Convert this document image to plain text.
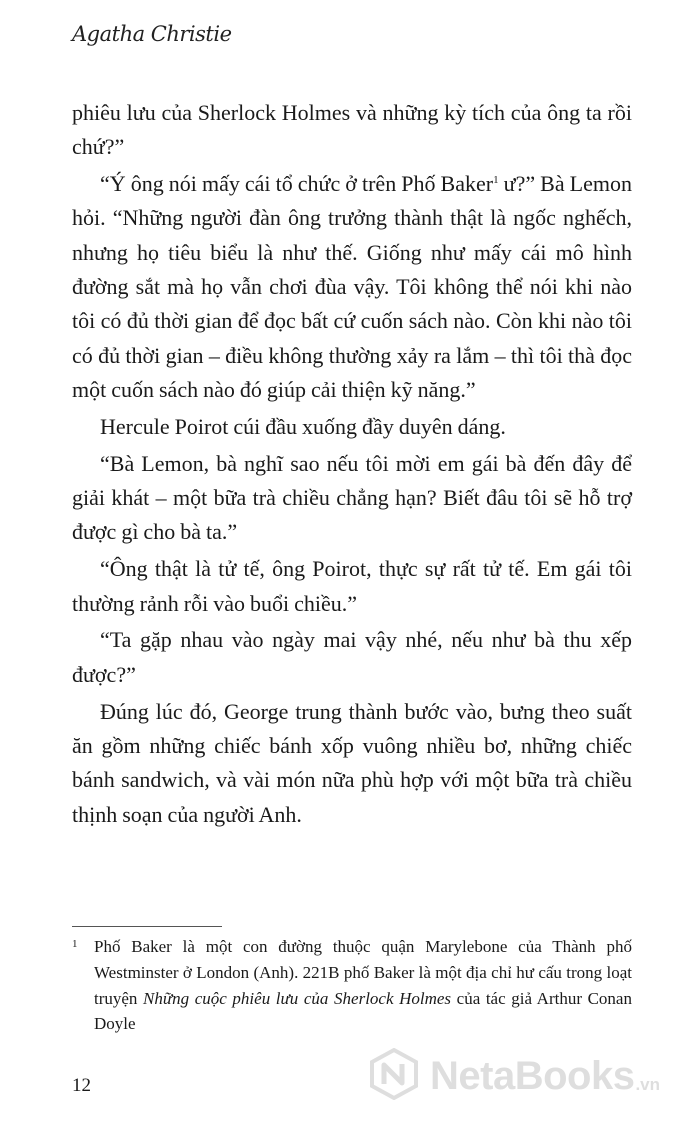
Agatha Christie

phiêu lưu của Sherlock Holmes và những kỳ tích của ông ta rồi chứ?”

“Ý ông nói mấy cái tổ chức ở trên Phố Baker$^1$ ư?” Bà Lemon hỏi. “Những người đàn ông trưởng thành thật là ngốc nghếch, nhưng họ tiêu biểu là như thế. Giống như mấy cái mô hình đường sắt mà họ vẫn chơi đùa vậy. Tôi không thể nói khi nào tôi có đủ thời gian để đọc bất cứ cuốn sách nào. Còn khi nào tôi có đủ thời gian – điều không thường xảy ra lắm – thì tôi thà đọc một cuốn sách nào đó giúp cải thiện kỹ năng.”

Hercule Poirot cúi đầu xuống đầy duyên dáng.

“Bà Lemon, bà nghĩ sao nếu tôi mời em gái bà đến đây để giải khát – một bữa trà chiều chẳng hạn? Biết đâu tôi sẽ hỗ trợ được gì cho bà ta.”

“Ông thật là tử tế, ông Poirot, thực sự rất tử tế. Em gái tôi thường rảnh rỗi vào buổi chiều.”

“Ta gặp nhau vào ngày mai vậy nhé, nếu như bà thu xếp được?”

Đúng lúc đó, George trung thành bước vào, bưng theo suất ăn gồm những chiếc bánh xốp vuông nhiều bơ, những chiếc bánh sandwich, và vài món nữa phù hợp với một bữa trà chiều thịnh soạn của người Anh.

1 Phố Baker là một con đường thuộc quận Marylebone của Thành phố Westminster ở London (Anh). 221B phố Baker là một địa chỉ hư cấu trong loạt truyện Những cuộc phiêu lưu của Sherlock Holmes của tác giả Arthur Conan Doyle
12	NetaBooks .vn
